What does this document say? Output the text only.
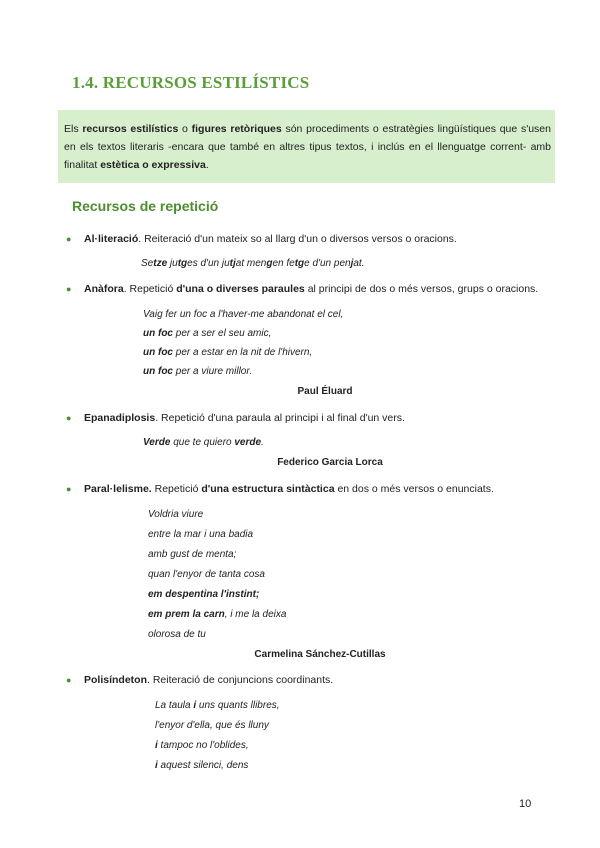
1.4. RECURSOS ESTILÍSTICS
Els recursos estilístics o figures retòriques són procediments o estratègies lingüístiques que s'usen en els textos literaris -encara que també en altres tipus textos, i inclús en el llenguatge corrent- amb finalitat estètica o expressiva.
Recursos de repetició
● Al·literació. Reiteració d'un mateix so al llarg d'un o diversos versos o oracions.
Setze jutges d'un jutjat mengen fetge d'un penjat.
● Anàfora. Repetició d'una o diverses paraules al principi de dos o més versos, grups o oracions.
Vaig fer un foc a l'haver-me abandonat el cel,
un foc per a ser el seu amic,
un foc per a estar en la nit de l'hivern,
un foc per a viure millor.
Paul Éluard
● Epanadiplosis. Repetició d'una paraula al principi i al final d'un vers.
Verde que te quiero verde.
Federico Garcia Lorca
● Paral·lelisme. Repetició d'una estructura sintàctica en dos o més versos o enunciats.
Voldria viure
entre la mar i una badia
amb gust de menta;
quan l'enyor de tanta cosa
em despentina l'instint;
em prem la carn, i me la deixa
olorosa de tu
Carmelina Sánchez-Cutillas
● Polisíndeton. Reiteració de conjuncions coordinants.
La taula i uns quants llibres,
l'enyor d'ella, que és lluny
i tampoc no l'oblides,
i aquest silenci, dens
10
